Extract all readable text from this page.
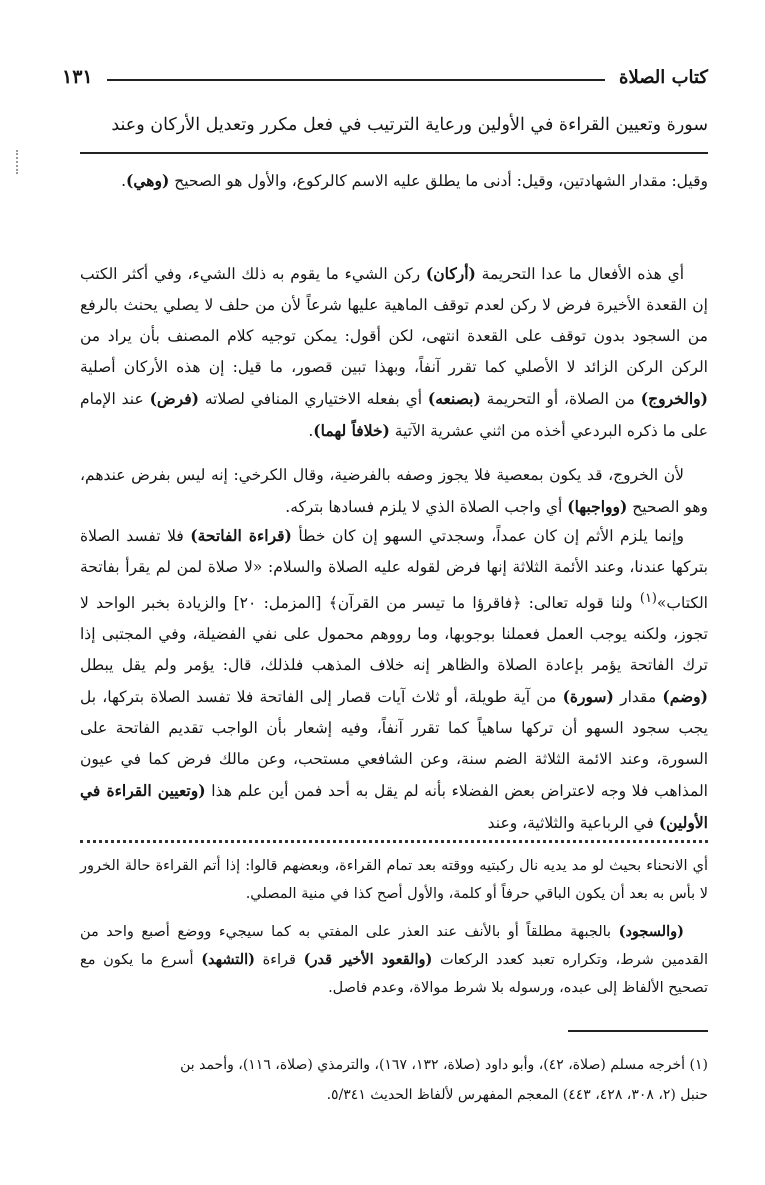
كتاب الصلاة
١٣١

سورة وتعيين القراءة في الأولين ورعاية الترتيب في فعل مكرر وتعديل الأركان وعند

وقيل: مقدار الشهادتين، وقيل: أدنى ما يطلق عليه الاسم كالركوع، والأول هو الصحيح (وهي).

أي هذه الأفعال ما عدا التحريمة (أركان) ركن الشيء ما يقوم به ذلك الشيء، وفي أكثر الكتب إن القعدة الأخيرة فرض لا ركن لعدم توقف الماهية عليها شرعاً لأن من حلف لا يصلي يحنث بالرفع من السجود بدون توقف على القعدة انتهى، لكن أقول: يمكن توجيه كلام المصنف بأن يراد من الركن الركن الزائد لا الأصلي كما تقرر آنفاً، وبهذا تبين قصور، ما قيل: إن هذه الأركان أصلية (والخروج) من الصلاة، أو التحريمة (بصنعه) أي بفعله الاختياري المنافي لصلاته (فرض) عند الإمام على ما ذكره البردعي أخذه من اثني عشرية الآتية (خلافاً لهما).

لأن الخروج، قد يكون بمعصية فلا يجوز وصفه بالفرضية، وقال الكرخي: إنه ليس بفرض عندهم، وهو الصحيح (وواجبها) أي واجب الصلاة الذي لا يلزم فسادها بتركه.

وإنما يلزم الأثم إن كان عمداً، وسجدتي السهو إن كان خطأ (قراءة الفاتحة) فلا تفسد الصلاة بتركها عندنا، وعند الأئمة الثلاثة إنها فرض لقوله عليه الصلاة والسلام: «لا صلاة لمن لم يقرأ بفاتحة الكتاب»$^{(١)}$ ولنا قوله تعالى: ﴿فاقرؤا ما تيسر من القرآن﴾ [المزمل: ٢٠] والزيادة بخبر الواحد لا تجوز، ولكنه يوجب العمل فعملنا بوجوبها، وما رووهم محمول على نفي الفضيلة، وفي المجتبى إذا ترك الفاتحة يؤمر بإعادة الصلاة والظاهر إنه خلاف المذهب فلذلك، قال: يؤمر ولم يقل يبطل (وضم) مقدار (سورة) من آية طويلة، أو ثلاث آيات قصار إلى الفاتحة فلا تفسد الصلاة بتركها، بل يجب سجود السهو أن تركها ساهياً كما تقرر آنفاً، وفيه إشعار بأن الواجب تقديم الفاتحة على السورة، وعند الائمة الثلاثة الضم سنة، وعن الشافعي مستحب، وعن مالك فرض كما في عيون المذاهب فلا وجه لاعتراض بعض الفضلاء بأنه لم يقل به أحد فمن أين علم هذا (وتعيين القراءة في الأولين) في الرباعية والثلاثية، وعند

أي الانحناء بحيث لو مد يديه نال ركبتيه ووقته بعد تمام القراءة، وبعضهم قالوا: إذا أتم القراءة حالة الخرور لا بأس به بعد أن يكون الباقي حرفاً أو كلمة، والأول أصح كذا في منية المصلي.

(والسجود) بالجبهة مطلقاً أو بالأنف عند العذر على المفتي به كما سيجيء ووضع أصبع واحد من القدمين شرط، وتكراره تعبد كعدد الركعات (والقعود الأخير قدر) قراءة (التشهد) أسرع ما يكون مع تصحيح الألفاظ إلى عبده، ورسوله بلا شرط موالاة، وعدم فاصل.

(١) أخرجه مسلم (صلاة، ٤٢)، وأبو داود (صلاة، ١٣٢، ١٦٧)، والترمذي (صلاة، ١١٦)، وأحمد بن
حنبل (٢، ٣٠٨، ٤٢٨، ٤٤٣) المعجم المفهرس لألفاظ الحديث ٥/٣٤١.
